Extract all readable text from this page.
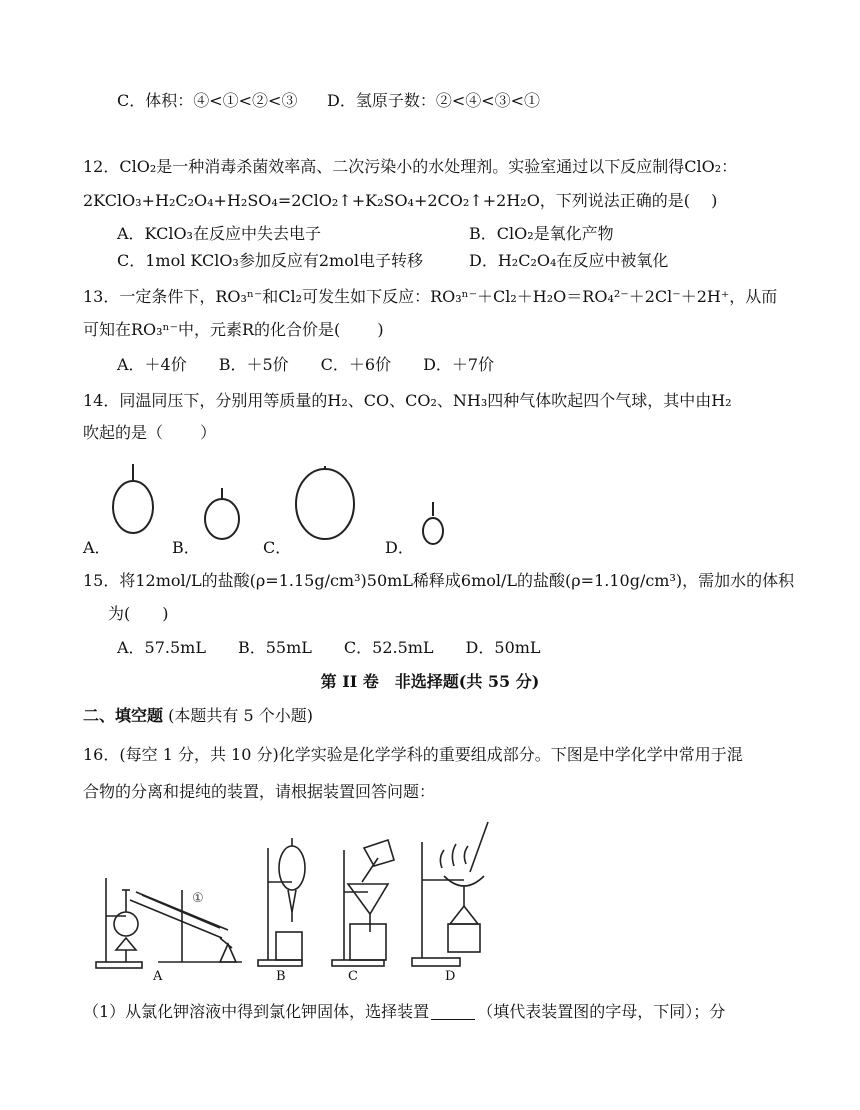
C．体积：④<①<②<③ D．氢原子数：②<④<③<①
12．ClO₂是一种消毒杀菌效率高、二次污染小的水处理剂。实验室通过以下反应制得ClO₂：
2KClO₃+H₂C₂O₄+H₂SO₄=2ClO₂↑+K₂SO₄+2CO₂↑+2H₂O，下列说法正确的是(　 )
A．KClO₃在反应中失去电子	B．ClO₂是氧化产物
C．1mol KClO₃参加反应有2mol电子转移	D．H₂C₂O₄在反应中被氧化
13．一定条件下，RO₃ⁿ⁻和Cl₂可发生如下反应：RO₃ⁿ⁻＋Cl₂＋H₂O＝RO₄²⁻＋2Cl⁻＋2H⁺，从而
可知在RO₃ⁿ⁻中，元素R的化合价是(　　 )
A．＋4价　　B．＋5价　　C．＋6价　　D．＋7价
14．同温同压下，分别用等质量的H₂、CO、CO₂、NH₃四种气体吹起四个气球，其中由H₂
吹起的是（　　 ）
A．	B．	C．	D．
15．将12mol/L的盐酸(ρ=1.15g/cm³)50mL稀释成6mol/L的盐酸(ρ=1.10g/cm³)，需加水的体积
为(　　)
A．57.5mL　　B．55mL　　C．52.5mL　　D．50mL
第 II 卷　非选择题(共 55 分)
二、填空题 (本题共有 5 个小题)
16．(每空 1 分，共 10 分)化学实验是化学学科的重要组成部分。下图是中学化学中常用于混
合物的分离和提纯的装置，请根据装置回答问题：
A	B	C	D
①
（1）从氯化钾溶液中得到氯化钾固体，选择装置	（填代表装置图的字母，下同）；分
